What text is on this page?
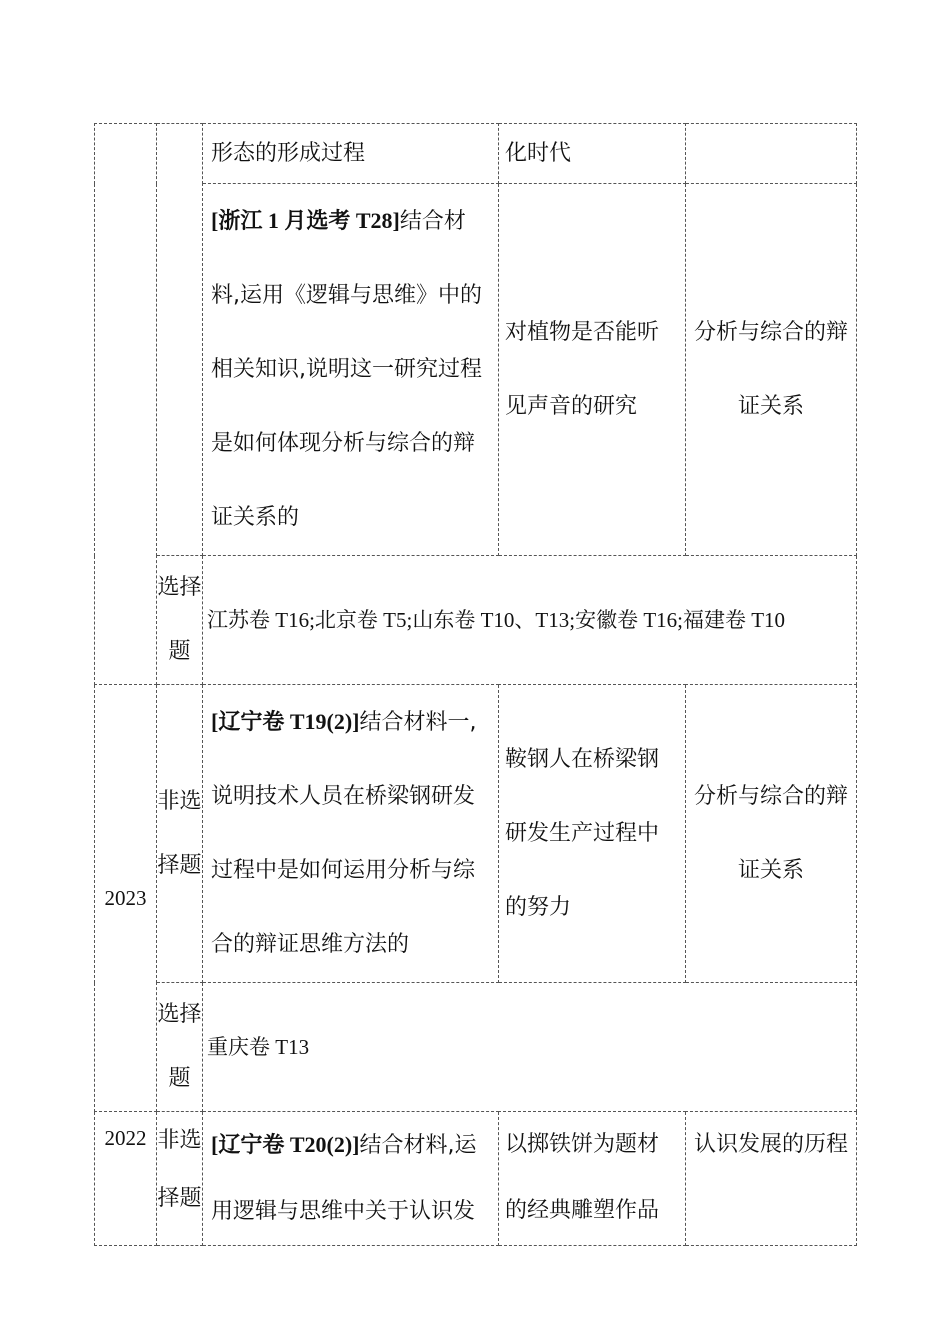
		形态的形成过程	化时代	
		[浙江 1 月选考 T28]结合材料,运用《逻辑与思维》中的相关知识,说明这一研究过程是如何体现分析与综合的辩证关系的	对植物是否能听见声音的研究	分析与综合的辩证关系
	选择题	江苏卷 T16;北京卷 T5;山东卷 T10、T13;安徽卷 T16;福建卷 T10		
2023	非选择题	[辽宁卷 T19(2)]结合材料一,说明技术人员在桥梁钢研发过程中是如何运用分析与综合的辩证思维方法的	鞍钢人在桥梁钢研发生产过程中的努力	分析与综合的辩证关系
	选择题	重庆卷 T13		
2022	非选择题	[辽宁卷 T20(2)]结合材料,运用逻辑与思维中关于认识发	以掷铁饼为题材的经典雕塑作品	认识发展的历程
